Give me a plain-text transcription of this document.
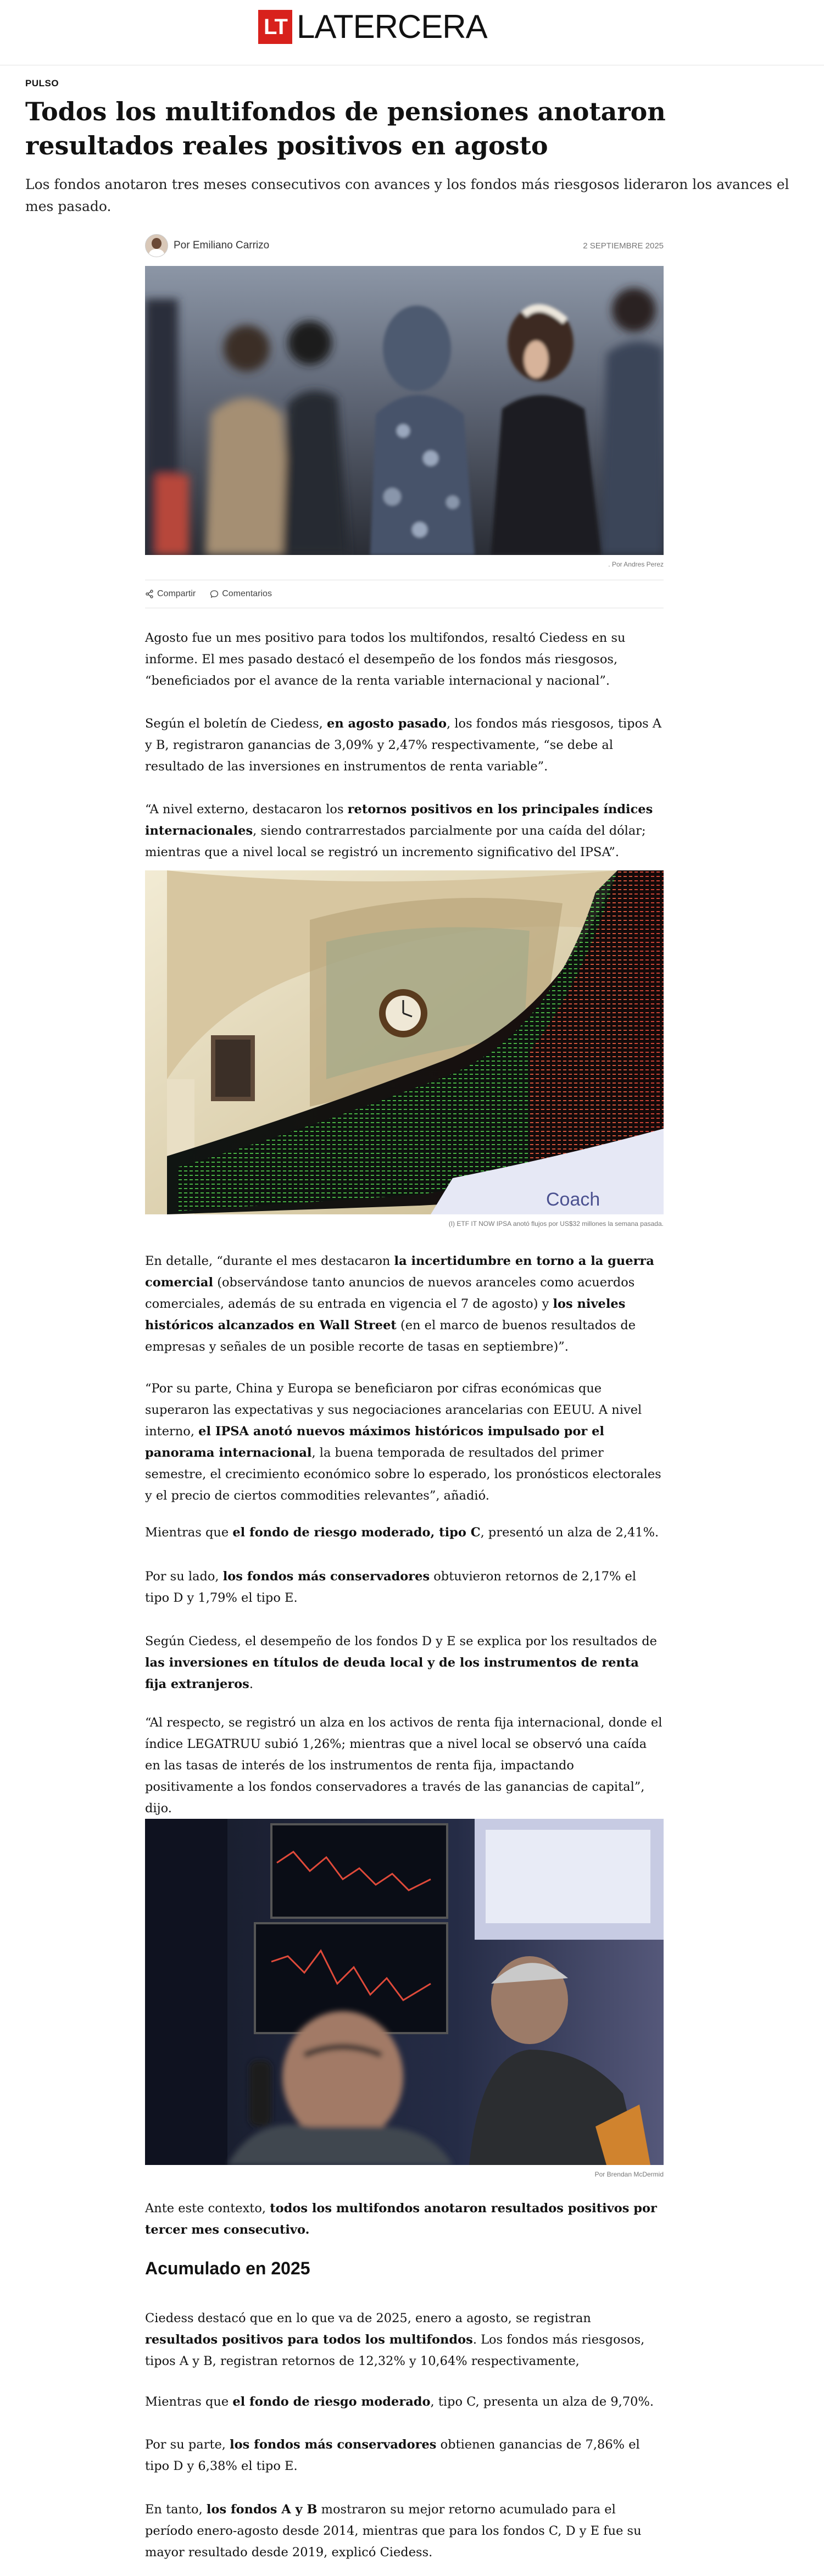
LT LATERCERA
PULSO
Todos los multifondos de pensiones anotaron resultados reales positivos en agosto

Los fondos anotaron tres meses consecutivos con avances y los fondos más riesgosos lideraron los avances el mes pasado.

Por Emiliano Carrizo	2 SEPTIEMBRE 2025
. Por Andres Perez
Compartir	Comentarios

Agosto fue un mes positivo para todos los multifondos, resaltó Ciedess en su informe. El mes pasado destacó el desempeño de los fondos más riesgosos, “beneficiados por el avance de la renta variable internacional y nacional”.

Según el boletín de Ciedess, en agosto pasado, los fondos más riesgosos, tipos A y B, registraron ganancias de 3,09% y 2,47% respectivamente, “se debe al resultado de las inversiones en instrumentos de renta variable”.

“A nivel externo, destacaron los retornos positivos en los principales índices internacionales, siendo contrarrestados parcialmente por una caída del dólar; mientras que a nivel local se registró un incremento significativo del IPSA”.

Coach
(I) ETF IT NOW IPSA anotó flujos por US$32 millones la semana pasada.

En detalle, “durante el mes destacaron la incertidumbre en torno a la guerra comercial (observándose tanto anuncios de nuevos aranceles como acuerdos comerciales, además de su entrada en vigencia el 7 de agosto) y los niveles históricos alcanzados en Wall Street (en el marco de buenos resultados de empresas y señales de un posible recorte de tasas en septiembre)”.

“Por su parte, China y Europa se beneficiaron por cifras económicas que superaron las expectativas y sus negociaciones arancelarias con EEUU. A nivel interno, el IPSA anotó nuevos máximos históricos impulsado por el panorama internacional, la buena temporada de resultados del primer semestre, el crecimiento económico sobre lo esperado, los pronósticos electorales y el precio de ciertos commodities relevantes”, añadió.

Mientras que el fondo de riesgo moderado, tipo C, presentó un alza de 2,41%.

Por su lado, los fondos más conservadores obtuvieron retornos de 2,17% el tipo D y 1,79% el tipo E.

Según Ciedess, el desempeño de los fondos D y E se explica por los resultados de las inversiones en títulos de deuda local y de los instrumentos de renta fija extranjeros.

“Al respecto, se registró un alza en los activos de renta fija internacional, donde el índice LEGATRUU subió 1,26%; mientras que a nivel local se observó una caída en las tasas de interés de los instrumentos de renta fija, impactando positivamente a los fondos conservadores a través de las ganancias de capital”, dijo.

Por Brendan McDermid

Ante este contexto, todos los multifondos anotaron resultados positivos por tercer mes consecutivo.

Acumulado en 2025

Ciedess destacó que en lo que va de 2025, enero a agosto, se registran resultados positivos para todos los multifondos. Los fondos más riesgosos, tipos A y B, registran retornos de 12,32% y 10,64% respectivamente,

Mientras que el fondo de riesgo moderado, tipo C, presenta un alza de 9,70%.

Por su parte, los fondos más conservadores obtienen ganancias de 7,86% el tipo D y 6,38% el tipo E.

En tanto, los fondos A y B mostraron su mejor retorno acumulado para el período enero-agosto desde 2014, mientras que para los fondos C, D y E fue su mayor resultado desde 2019, explicó Ciedess.
